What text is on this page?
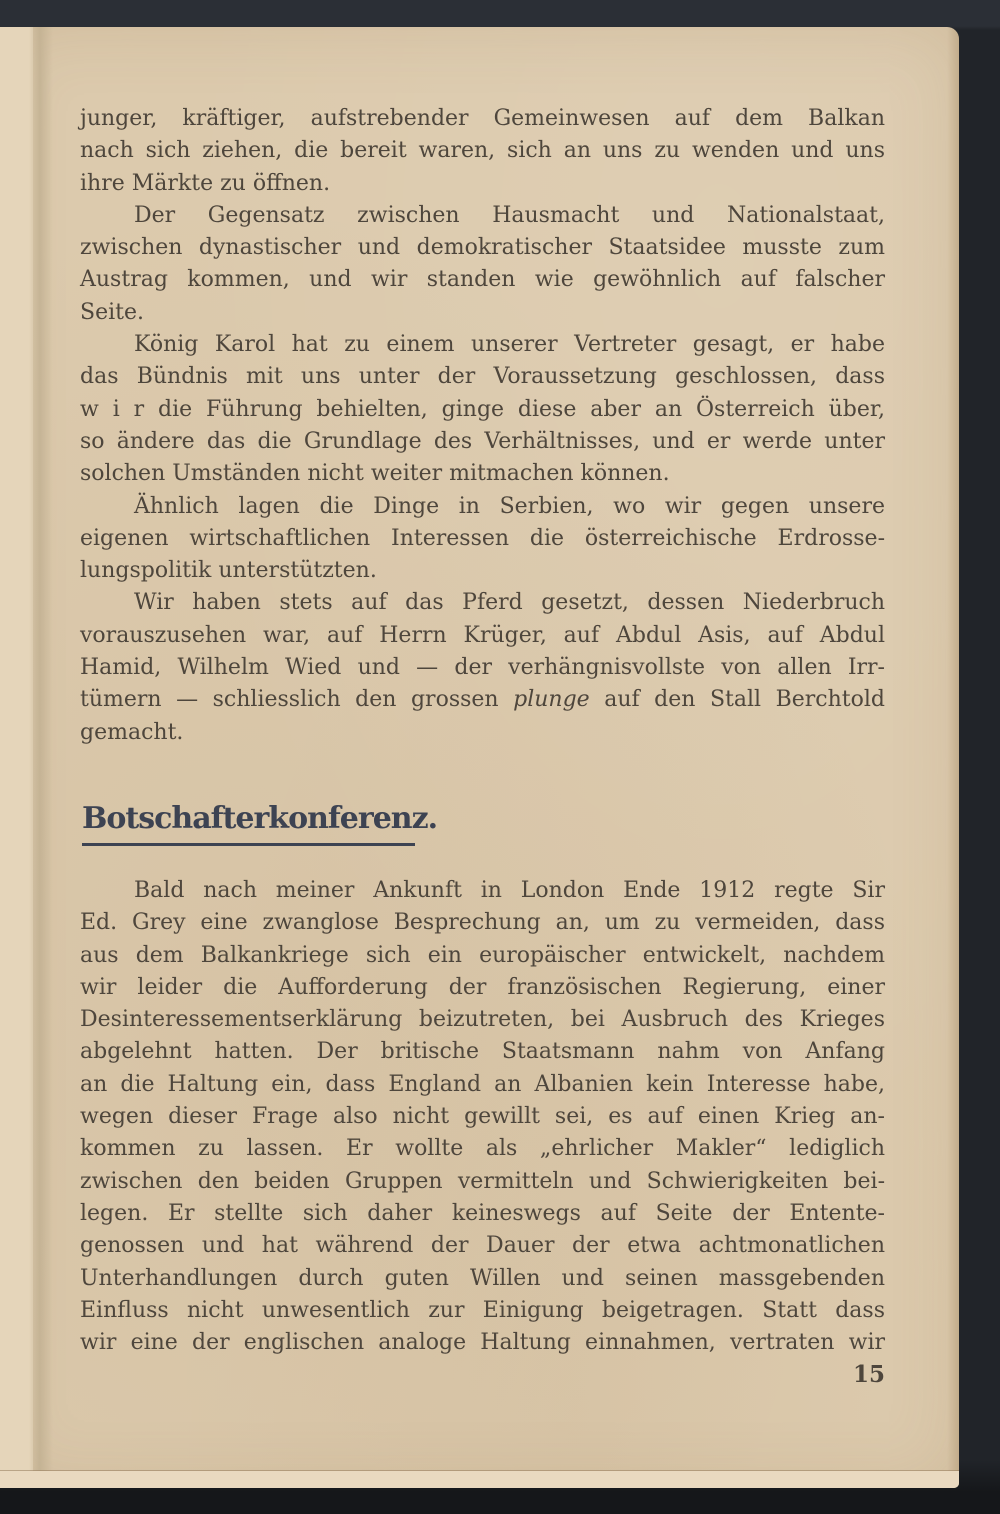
junger, kräftiger, aufstrebender Gemeinwesen auf dem Balkan
nach sich ziehen, die bereit waren, sich an uns zu wenden und uns
ihre Märkte zu öffnen.
Der Gegensatz zwischen Hausmacht und Nationalstaat,
zwischen dynastischer und demokratischer Staatsidee musste zum
Austrag kommen, und wir standen wie gewöhnlich auf falscher
Seite.
König Karol hat zu einem unserer Vertreter gesagt, er habe
das Bündnis mit uns unter der Voraussetzung geschlossen, dass
w i r die Führung behielten, ginge diese aber an Österreich über,
so ändere das die Grundlage des Verhältnisses, und er werde unter
solchen Umständen nicht weiter mitmachen können.
Ähnlich lagen die Dinge in Serbien, wo wir gegen unsere
eigenen wirtschaftlichen Interessen die österreichische Erdrosse-
lungspolitik unterstützten.
Wir haben stets auf das Pferd gesetzt, dessen Niederbruch
vorauszusehen war, auf Herrn Krüger, auf Abdul Asis, auf Abdul
Hamid, Wilhelm Wied und — der verhängnisvollste von allen Irr-
tümern — schliesslich den grossen plunge auf den Stall Berchtold
gemacht.
Botschafterkonferenz.
Bald nach meiner Ankunft in London Ende 1912 regte Sir
Ed. Grey eine zwanglose Besprechung an, um zu vermeiden, dass
aus dem Balkankriege sich ein europäischer entwickelt, nachdem
wir leider die Aufforderung der französischen Regierung, einer
Desinteressementserklärung beizutreten, bei Ausbruch des Krieges
abgelehnt hatten. Der britische Staatsmann nahm von Anfang
an die Haltung ein, dass England an Albanien kein Interesse habe,
wegen dieser Frage also nicht gewillt sei, es auf einen Krieg an-
kommen zu lassen. Er wollte als „ehrlicher Makler“ lediglich
zwischen den beiden Gruppen vermitteln und Schwierigkeiten bei-
legen. Er stellte sich daher keineswegs auf Seite der Entente-
genossen und hat während der Dauer der etwa achtmonatlichen
Unterhandlungen durch guten Willen und seinen massgebenden
Einfluss nicht unwesentlich zur Einigung beigetragen. Statt dass
wir eine der englischen analoge Haltung einnahmen, vertraten wir
15
